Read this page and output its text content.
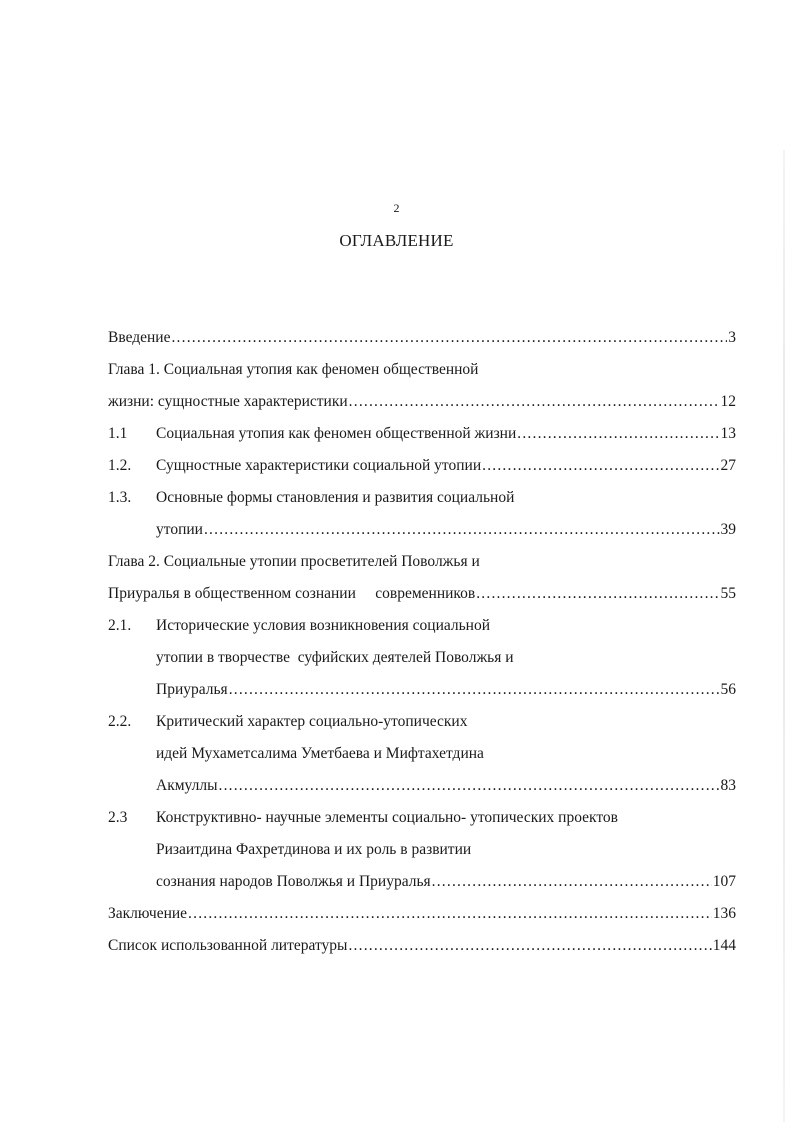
2
ОГЛАВЛЕНИЕ
Введение .....	3
Глава 1. Социальная утопия как феномен общественной
жизни: сущностные характеристики .....	12
1.1	Социальная утопия как феномен общественной жизни .....	13
1.2.	Сущностные характеристики социальной утопии .....	27
1.3.	Основные формы становления и развития социальной
утопии .....	39
Глава 2. Социальные утопии просветителей Поволжья и
Приуралья в общественном сознании     современников .....	55
2.1.	Исторические условия возникновения социальной
утопии в творчестве  суфийских деятелей Поволжья и
Приуралья .....	56
2.2.	Критический характер социально-утопических
идей Мухаметсалима Уметбаева и Мифтахетдина
Акмуллы .....	83
2.3	Конструктивно- научные элементы социально- утопических проектов
Ризаитдина Фахретдинова и их роль в развитии
сознания народов Поволжья и Приуралья .....	107
Заключение .....	136
Список использованной литературы .....	144
